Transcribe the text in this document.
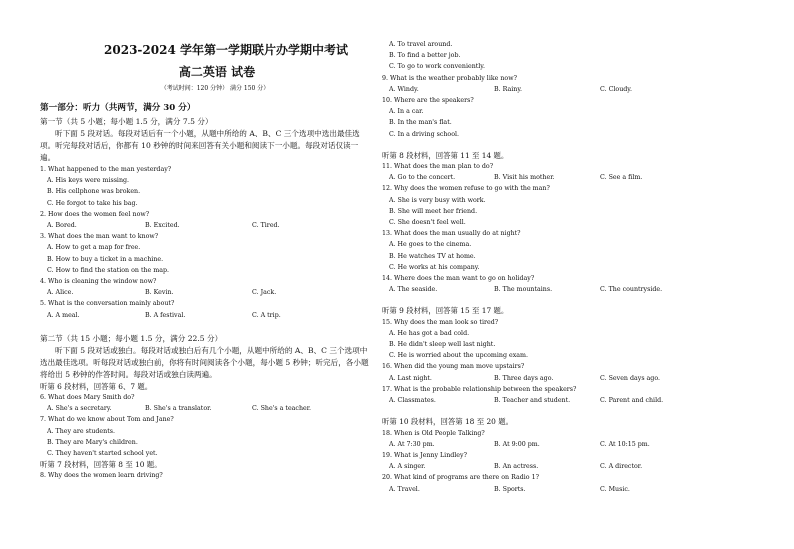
2023-2024 学年第一学期联片办学期中考试
高二英语 试卷
（考试时间：120 分钟） 满分 150 分）
第一部分：听力（共两节，满分 30 分）
第一节（共 5 小题；每小题 1.5 分，满分 7.5 分）
听下面 5 段对话。每段对话后有一个小题，从题中所给的 A、B、C 三个选项中选出最佳选项。听完每段对话后，你都有 10 秒钟的时间来回答有关小题和阅读下一小题。每段对话仅读一遍。
1. What happened to the man yesterday?
A. His keys were missing.
B. His cellphone was broken.
C. He forgot to take his bag.
2. How does the women feel now?
A. Bored.	B. Excited.	C. Tired.
3. What does the man want to know?
A. How to get a map for free.
B. How to buy a ticket in a machine.
C. How to find the station on the map.
4. Who is cleaning the window now?
A. Alice.	B. Kevin.	C. Jack.
5. What is the conversation mainly about?
A. A meal.	B. A festival.	C. A trip.
第二节（共 15 小题；每小题 1.5 分，满分 22.5 分）
听下面 5 段对话或独白。每段对话或独白后有几个小题，从题中所给的 A、B、C 三个选项中选出最佳选项。听每段对话或独白前，你将有时间阅读各个小题，每小题 5 秒钟；听完后，各小题将给出 5 秒钟的作答时间。每段对话或独白读两遍。
听第 6 段材料，回答第 6、7 题。
6. What does Mary Smith do?
A. She's a secretary.	B. She's a translator.	C. She's a teacher.
7. What do we know about Tom and Jane?
A. They are students.
B. They are Mary's children.
C. They haven't started school yet.
听第 7 段材料，回答第 8 至 10 题。
8. Why does the women learn driving?
A. To travel around.
B. To find a better job.
C. To go to work conveniently.
9. What is the weather probably like now?
A. Windy.	B. Rainy.	C. Cloudy.
10. Where are the speakers?
A. In a car.
B. In the man's flat.
C. In a driving school.
听第 8 段材料，回答第 11 至 14 题。
11. What does the man plan to do?
A. Go to the concert.	B. Visit his mother.	C. See a film.
12. Why does the women refuse to go with the man?
A. She is very busy with work.
B. She will meet her friend.
C. She doesn't feel well.
13. What does the man usually do at night?
A. He goes to the cinema.
B. He watches TV at home.
C. He works at his company.
14. Where does the man want to go on holiday?
A. The seaside.	B. The mountains.	C. The countryside.
听第 9 段材料，回答第 15 至 17 题。
15. Why does the man look so tired?
A. He has got a bad cold.
B. He didn't sleep well last night.
C. He is worried about the upcoming exam.
16. When did the young man move upstairs?
A. Last night.	B. Three days ago.	C. Seven days ago.
17. What is the probable relationship between the speakers?
A. Classmates.	B. Teacher and student.	C. Parent and child.
听第 10 段材料，回答第 18 至 20 题。
18. When is Old People Talking?
A. At 7:30 pm.	B. At 9:00 pm.	C. At 10:15 pm.
19. What is Jenny Lindley?
A. A singer.	B. An actress.	C. A director.
20. What kind of programs are there on Radio 1?
A. Travel.	B. Sports.	C. Music.
